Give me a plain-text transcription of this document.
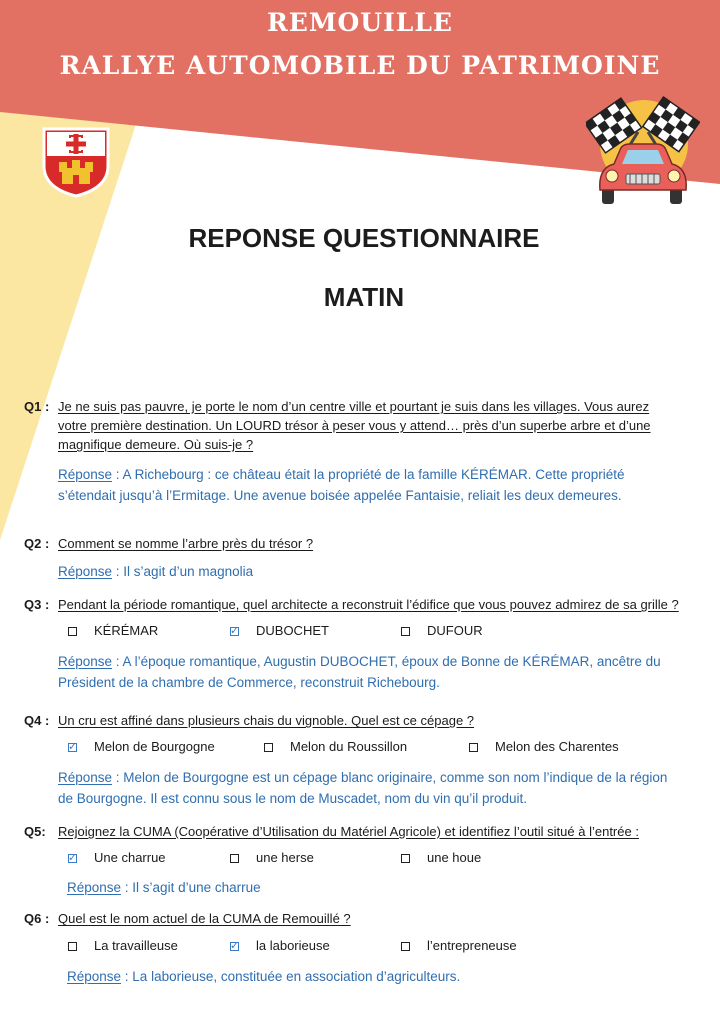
REMOUILLE
RALLYE AUTOMOBILE DU PATRIMOINE
REPONSE QUESTIONNAIRE
MATIN
Q1 : Je ne suis pas pauvre, je porte le nom d’un centre ville et pourtant je suis dans les villages. Vous aurez votre première destination. Un LOURD trésor à peser vous y attend… près d’un superbe arbre et d’une magnifique demeure. Où suis-je ?
Réponse : A Richebourg : ce château était la propriété de la famille KÉRÉMAR. Cette propriété s’étendait jusqu’à l’Ermitage. Une avenue boisée appelée Fantaisie, reliait les deux demeures.
Q2 : Comment se nomme l’arbre près du trésor ?
Réponse : Il s’agit d’un magnolia
Q3 : Pendant la période romantique, quel architecte a reconstruit l’édifice que vous pouvez admirez de sa grille ?
KÉRÉMAR ✓	DUBOCHET	DUFOUR
Réponse : A l’époque romantique, Augustin DUBOCHET, époux de Bonne de KÉRÉMAR, ancêtre du Président de la chambre de Commerce, reconstruit Richebourg.
Q4 : Un cru est affiné dans plusieurs chais du vignoble. Quel est ce cépage ?
✓
Melon de Bourgogne	Melon du Roussillon	Melon des Charentes
Réponse : Melon de Bourgogne est un cépage blanc originaire, comme son nom l’indique de la région de Bourgogne. Il est connu sous le nom de Muscadet, nom du vin qu’il produit.
Q5: Rejoignez la CUMA (Coopérative d’Utilisation du Matériel Agricole) et identifiez l’outil situé à l’entrée :
✓
Une charrue	une herse	une houe
Réponse : Il s’agit d’une charrue
Q6 : Quel est le nom actuel de la CUMA de Remouillé ?
La travailleuse ✓	la laborieuse	l’entrepreneuse
Réponse : La laborieuse, constituée en association d’agriculteurs.
